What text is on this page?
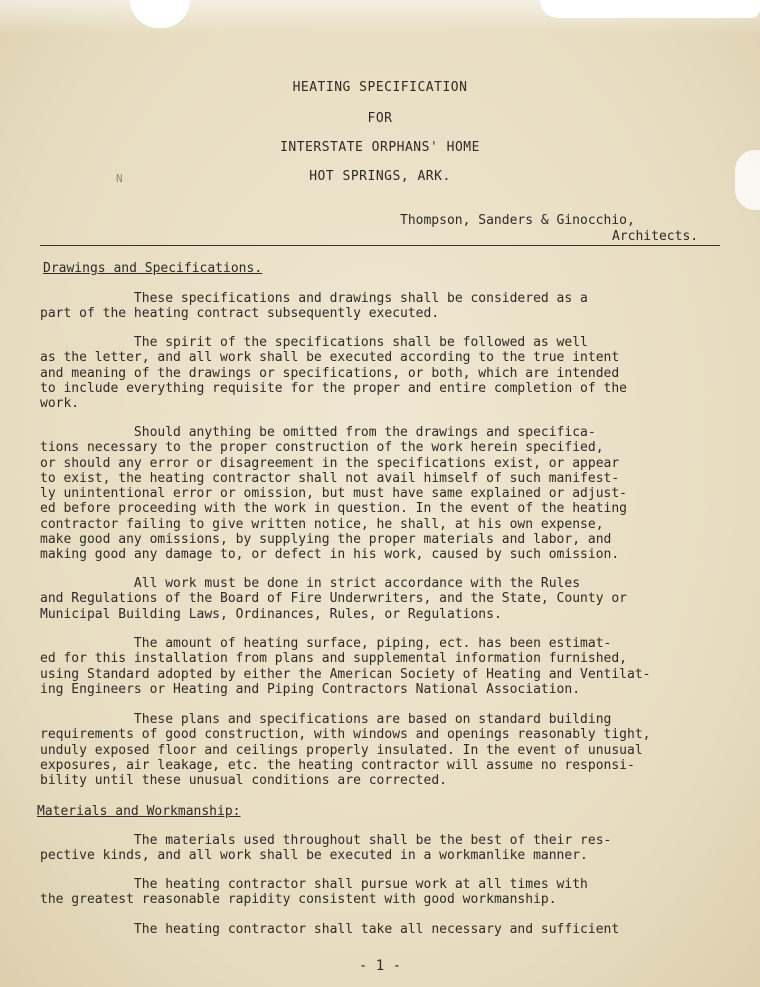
HEATING SPECIFICATION
FOR
INTERSTATE ORPHANS' HOME
HOT SPRINGS, ARK.
N
Thompson, Sanders & Ginocchio,
Architects.
Drawings and Specifications.
These specifications and drawings shall be considered as a
part of the heating contract subsequently executed.
The spirit of the specifications shall be followed as well
as the letter, and all work shall be executed according to the true intent
and meaning of the drawings or specifications, or both, which are intended
to include everything requisite for the proper and entire completion of the
work.
Should anything be omitted from the drawings and specifica-
tions necessary to the proper construction of the work herein specified,
or should any error or disagreement in the specifications exist, or appear
to exist, the heating contractor shall not avail himself of such manifest-
ly unintentional error or omission, but must have same explained or adjust-
ed before proceeding with the work in question. In the event of the heating
contractor failing to give written notice, he shall, at his own expense,
make good any omissions, by supplying the proper materials and labor, and
making good any damage to, or defect in his work, caused by such omission.
All work must be done in strict accordance with the Rules
and Regulations of the Board of Fire Underwriters, and the State, County or
Municipal Building Laws, Ordinances, Rules, or Regulations.
The amount of heating surface, piping, ect. has been estimat-
ed for this installation from plans and supplemental information furnished,
using Standard adopted by either the American Society of Heating and Ventilat-
ing Engineers or Heating and Piping Contractors National Association.
These plans and specifications are based on standard building
requirements of good construction, with windows and openings reasonably tight,
unduly exposed floor and ceilings properly insulated. In the event of unusual
exposures, air leakage, etc. the heating contractor will assume no responsi-
bility until these unusual conditions are corrected.
Materials and Workmanship:
The materials used throughout shall be the best of their res-
pective kinds, and all work shall be executed in a workmanlike manner.
The heating contractor shall pursue work at all times with
the greatest reasonable rapidity consistent with good workmanship.
The heating contractor shall take all necessary and sufficient
- 1 -
